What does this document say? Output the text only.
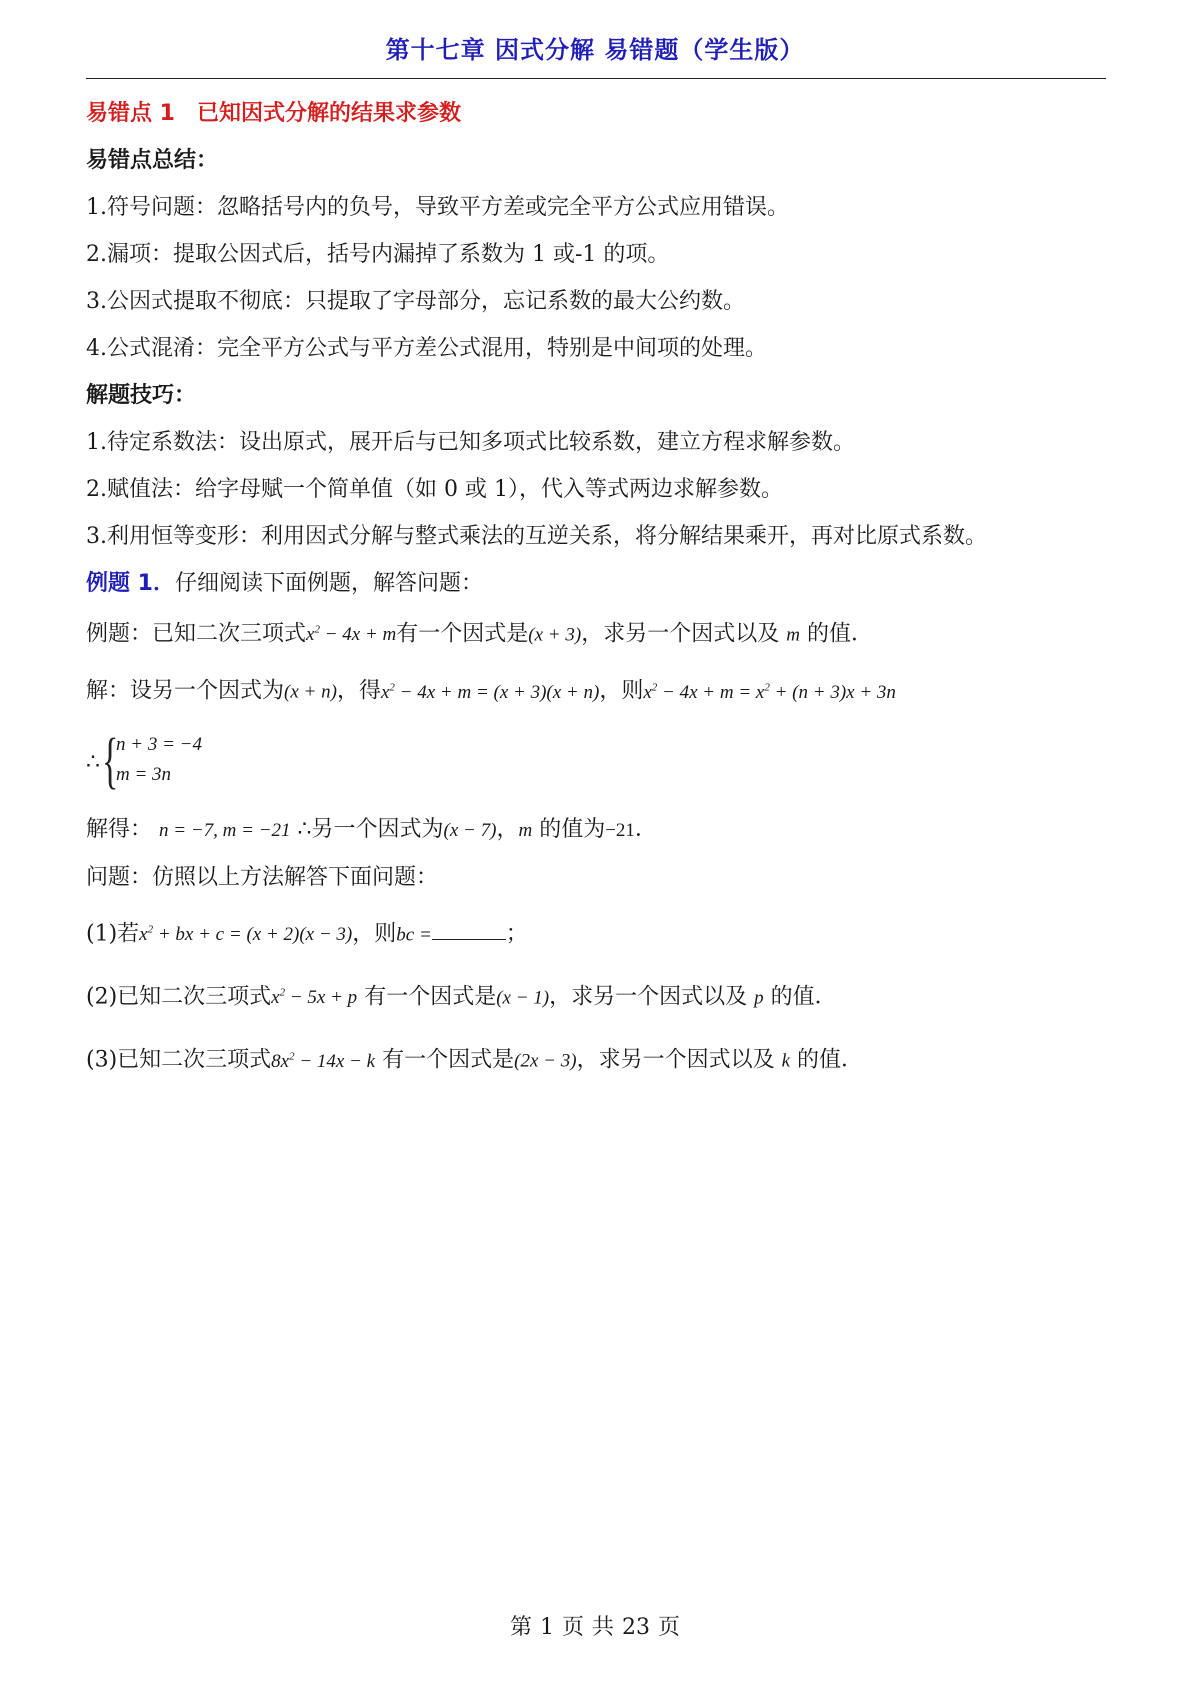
第十七章 因式分解 易错题（学生版）
易错点 1　已知因式分解的结果求参数
易错点总结：
1.符号问题：忽略括号内的负号，导致平方差或完全平方公式应用错误。
2.漏项：提取公因式后，括号内漏掉了系数为 1 或-1 的项。
3.公因式提取不彻底：只提取了字母部分，忘记系数的最大公约数。
4.公式混淆：完全平方公式与平方差公式混用，特别是中间项的处理。
解题技巧：
1.待定系数法：设出原式，展开后与已知多项式比较系数，建立方程求解参数。
2.赋值法：给字母赋一个简单值（如 0 或 1），代入等式两边求解参数。
3.利用恒等变形：利用因式分解与整式乘法的互逆关系，将分解结果乘开，再对比原式系数。
例题 1．仔细阅读下面例题，解答问题：
例题：已知二次三项式$x^2 - 4x + m$有一个因式是(x + 3)，求另一个因式以及 m 的值．
解：设另一个因式为(x + n)，得$x^2 - 4x + m = (x + 3)(x + n)$，则$x^2 - 4x + m = x^2 + (n + 3)x + 3n$
∴ {
n + 3 = −4
m = 3n
解得： n = −7, m = −21 ∴另一个因式为(x − 7)，m 的值为−21．
问题：仿照以上方法解答下面问题：
(1)若$x^2$ + bx + c = (x + 2)(x − 3)，则bc =	；
(2)已知二次三项式$x^2 - 5x + p$ 有一个因式是(x − 1)，求另一个因式以及 p 的值．
(3)已知二次三项式$8x^2 - 14x - k$ 有一个因式是(2x − 3)，求另一个因式以及 k 的值．
第 1 页 共 23 页
